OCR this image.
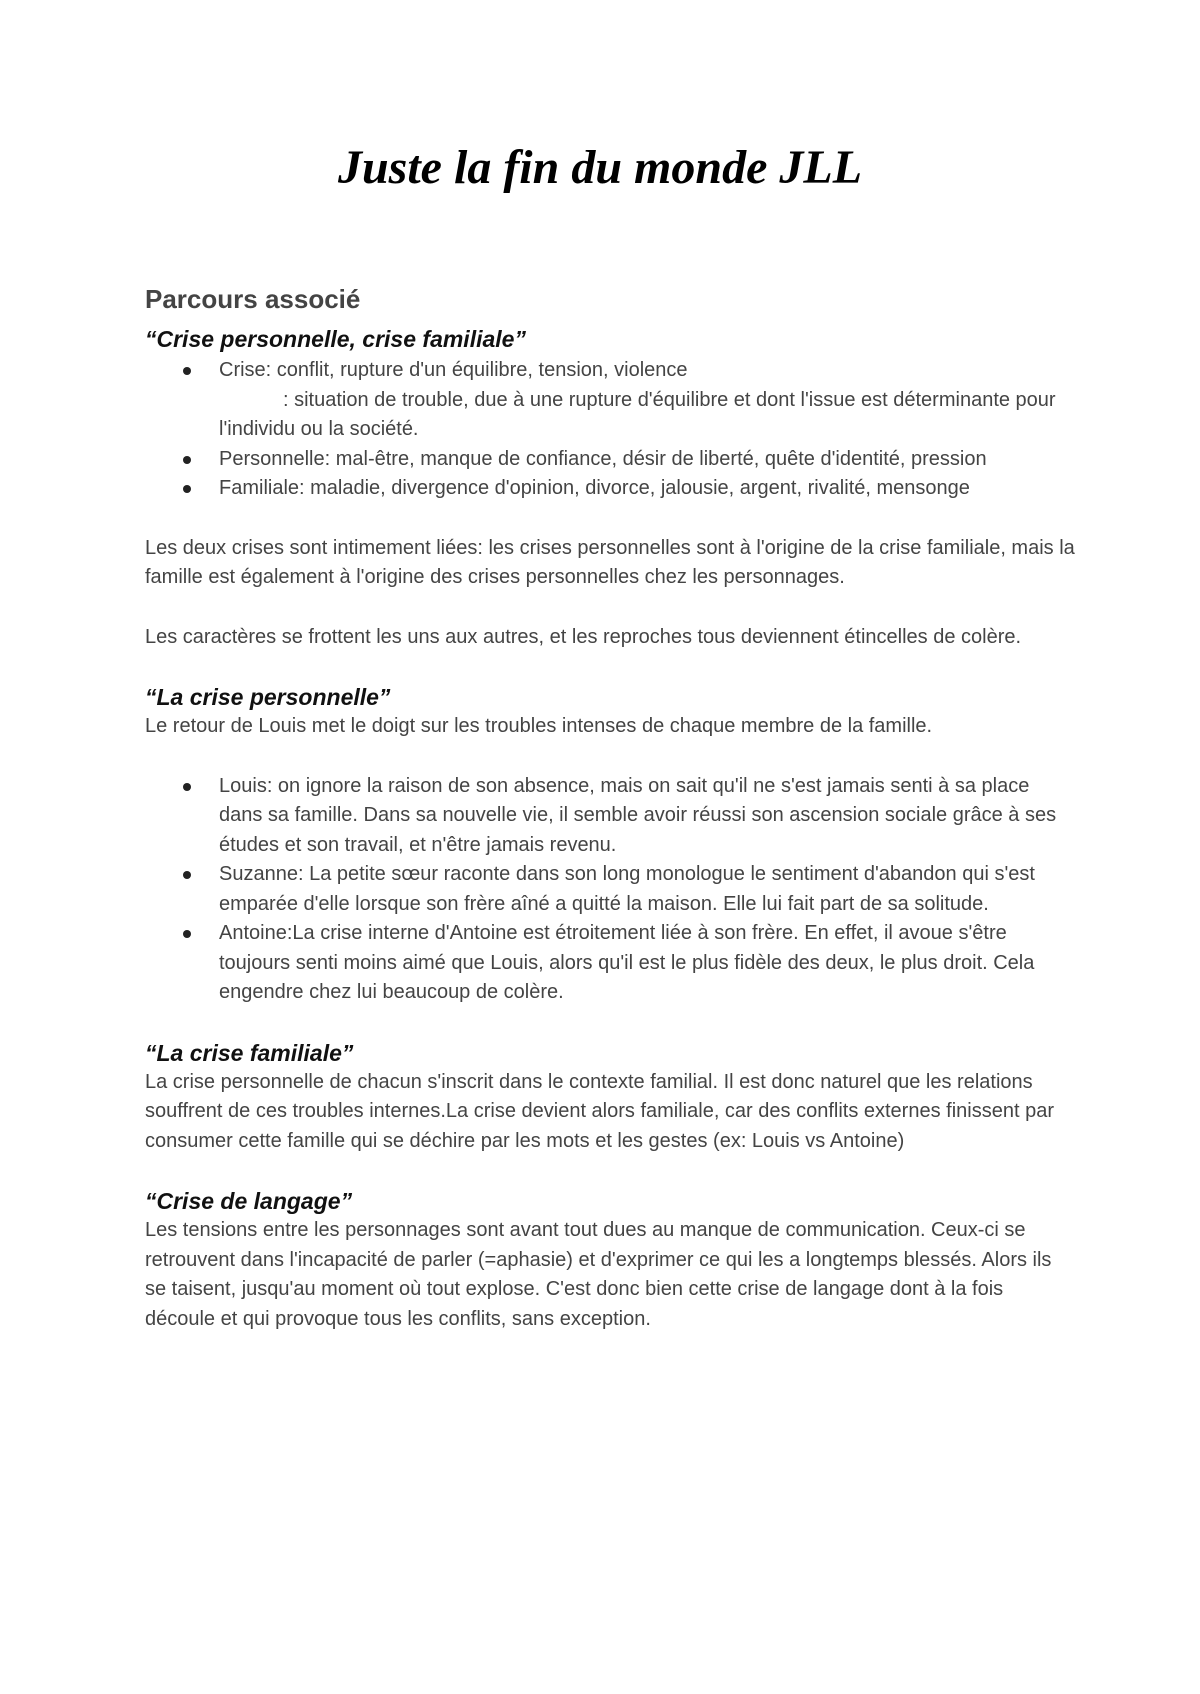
Juste la fin du monde JLL
Parcours associé
“Crise personnelle, crise familiale”
Crise: conflit, rupture d'un équilibre, tension, violence
: situation de trouble, due à une rupture d'équilibre et dont l'issue est déterminante pour l'individu ou la société.
Personnelle: mal-être, manque de confiance, désir de liberté, quête d'identité, pression
Familiale: maladie, divergence d'opinion, divorce, jalousie, argent, rivalité, mensonge

Les deux crises sont intimement liées: les crises personnelles sont à l'origine de la crise familiale, mais la famille est également à l'origine des crises personnelles chez les personnages.

Les caractères se frottent les uns aux autres, et les reproches tous deviennent étincelles de colère.

“La crise personnelle”

Le retour de Louis met le doigt sur les troubles intenses de chaque membre de la famille.

Louis: on ignore la raison de son absence, mais on sait qu'il ne s'est jamais senti à sa place dans sa famille. Dans sa nouvelle vie, il semble avoir réussi son ascension sociale grâce à ses études et son travail, et n'être jamais revenu.
Suzanne: La petite sœur raconte dans son long monologue le sentiment d'abandon qui s'est emparée d'elle lorsque son frère aîné a quitté la maison. Elle lui fait part de sa solitude.
Antoine:La crise interne d'Antoine est étroitement liée à son frère. En effet, il avoue s'être toujours senti moins aimé que Louis, alors qu'il est le plus fidèle des deux, le plus droit. Cela engendre chez lui beaucoup de colère.
“La crise familiale”

La crise personnelle de chacun s'inscrit dans le contexte familial. Il est donc naturel que les relations souffrent de ces troubles internes.La crise devient alors familiale, car des conflits externes finissent par consumer cette famille qui se déchire par les mots et les gestes (ex: Louis vs Antoine)

“Crise de langage”

Les tensions entre les personnages sont avant tout dues au manque de communication. Ceux-ci se retrouvent dans l'incapacité de parler (=aphasie) et d'exprimer ce qui les a longtemps blessés. Alors ils se taisent, jusqu'au moment où tout explose. C'est donc bien cette crise de langage dont à la fois découle et qui provoque tous les conflits, sans exception.
